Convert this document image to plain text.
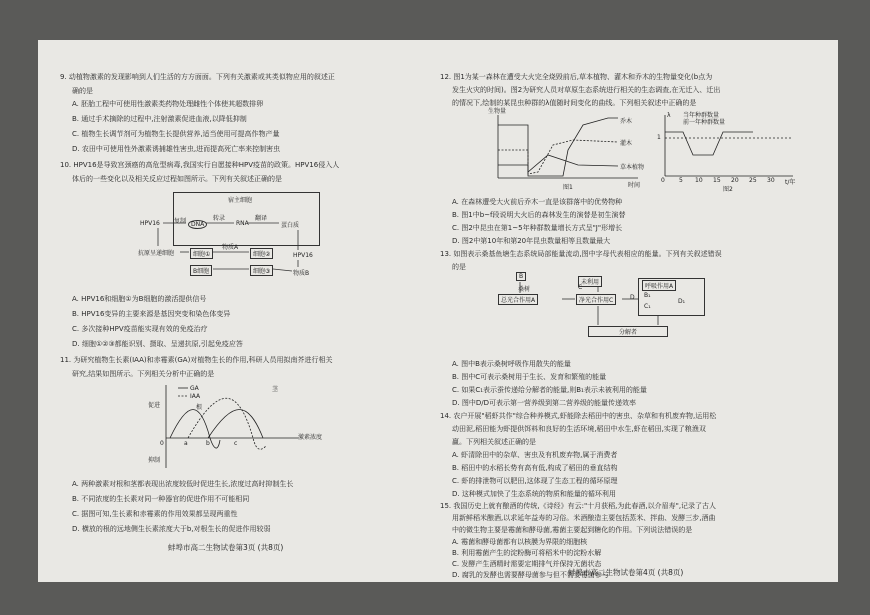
9. 动植物激素的发现影响到人们生活的方方面面。下列有关激素或其类似物应用的叙述正
确的是
A. 胚胎工程中可使用性激素类药物处理雌性个体使其超数排卵
B. 通过手术摘除的过程中,注射激素促进血液,以降低抑制
C. 植物生长调节剂可为植物生长提供营养,适当使用可提高作物产量
D. 农田中可使用性外激素诱捕雄性害虫,进而提高死亡率来控制害虫
10. HPV16是导致宫颈癌的高危型病毒,我国实行自愿接种HPV疫苗的政策。HPV16侵入人
体后的一些变化以及相关反应过程如图所示。下列有关叙述正确的是
宿主细胞
HPV16 复制 DNA
转录
RNA
翻译
蛋白质
抗原呈递细胞	细胞①
物质A
细胞②
B细胞	细胞③
HPV16
物质B
A. HPV16和细胞①为B细胞的激活提供信号
B. HPV16变异的主要来源是基因突变和染色体变异
C. 多次接种HPV疫苗能实现有效的免疫治疗
D. 细胞①②③都能识别、摄取、呈递抗原,引起免疫应答
11. 为研究植物生长素(IAA)和赤霉素(GA)对植物生长的作用,科研人员用拟南芥进行相关
研究,结果如图所示。下列相关分析中正确的是
GA
IAA
促进
抑制
0
根
茎
a	b	c
激素浓度
A. 两种激素对根和茎都表现出浓度较低时促进生长,浓度过高时抑制生长
B. 不同浓度的生长素对同一种器官的促进作用不可能相同
C. 据图可知,生长素和赤霉素的作用效果都呈现两重性
D. 横放的根的远地侧生长素浓度大于b,对根生长的促进作用较弱
蚌埠市高二生物试卷第3页 (共8页)
12. 图1为某一森林在遭受大火完全烧毁前后,草本植物、灌木和乔木的生物量变化(b点为
发生火灾的时间)。图2为研究人员对草原生态系统进行相关的生态调查,在无迁入、迁出
的情况下,绘制的某昆虫种群的λ值随时间变化的曲线。下列相关叙述中正确的是
生物量
乔木
灌木
草本植物
时间
图1
当年种群数量
前一年种群数量
λ
1
0 5 10 15 20 25 30 t/年
图2
A. 在森林遭受大火前后乔木一直是该群落中的优势物种
B. 图1中b~f段说明大火后的森林发生的演替是初生演替
C. 图2中昆虫在第1~5年种群数量增长方式呈"J"形增长
D. 图2中第10年和第20年昆虫数量相等且数量最大
13. 如图表示桑基鱼塘生态系统局部能量流动,图中字母代表相应的能量。下列有关叙述错误
的是
B
桑树
总光合作用A
C
净光合作用C
未利用
D
呼吸作用A
B₁
C₁
D₁
分解者
A. 图中B表示桑树呼吸作用散失的能量
B. 图中C可表示桑树用于生长、发育和繁殖的能量
C. 如果C₁表示蚕传递给分解者的能量,则B₁表示未被利用的能量
D. 图中D/D可表示第一营养级到第二营养级的能量传递效率
14. 农户开展"稻虾共作"综合种养模式,虾能除去稻田中的害虫、杂草和有机废弃物,运用松
动田泥,稻田能为虾提供饵料和良好的生活环境,稻田中水生,虾在稻田,实现了粮渔双
赢。下列相关叙述正确的是
A. 虾清除田中的杂草、害虫及有机废弃物,属于消费者
B. 稻田中的水稻长势有高有低,构成了稻田的垂直结构
C. 虾的排泄物可以肥田,这体现了生态工程的循环原理
D. 这种模式加快了生态系统的物质和能量的循环利用
15. 我国历史上就有酿酒的传统,《诗经》有云:"十月获稻,为此春酒,以介眉寿",记录了古人
用新鲜稻米酿酒,以求延年益寿的习俗。米酒酿造主要包括蒸米、拌曲、发酵三步,酒曲
中的微生物主要是霉菌和酵母菌,霉菌主要起到糖化的作用。下列说法错误的是
A. 霉菌和酵母菌都有以核膜为界限的细胞核
B. 利用霉菌产生的淀粉酶可将稻米中的淀粉水解
C. 发酵产生酒精时需要定期排气并保持无菌状态
D. 腐乳的发酵也需要酵母菌参与但不需要霉菌参与
蚌埠市高二生物试卷第4页 (共8页)
